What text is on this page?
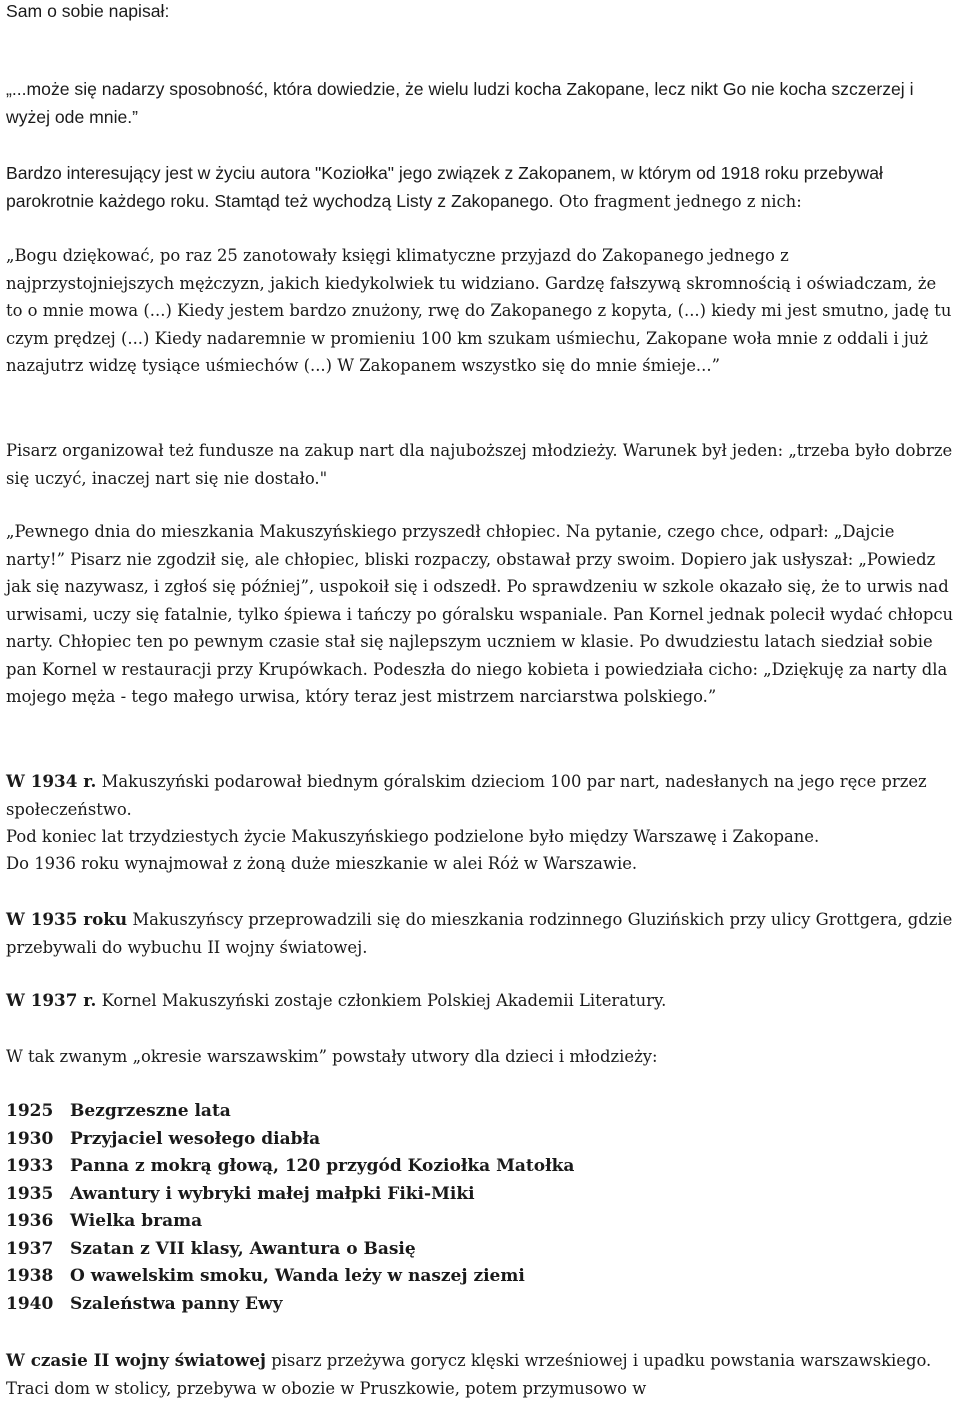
Sam o sobie napisał:

„...może się nadarzy sposobność, która dowiedzie, że wielu ludzi kocha Zakopane, lecz nikt Go nie kocha szczerzej i wyżej ode mnie.”

Bardzo interesujący jest w życiu autora "Koziołka" jego związek z Zakopanem, w którym od 1918 roku przebywał parokrotnie każdego roku. Stamtąd też wychodzą Listy z Zakopanego. Oto fragment jednego z nich:

„Bogu dziękować, po raz 25 zanotowały księgi klimatyczne przyjazd do Zakopanego jednego z najprzystojniejszych mężczyzn, jakich kiedykolwiek tu widziano. Gardzę fałszywą skromnością i oświadczam, że to o mnie mowa (...) Kiedy jestem bardzo znużony, rwę do Zakopanego z kopyta, (...) kiedy mi jest smutno, jadę tu czym prędzej (...) Kiedy nadaremnie w promieniu 100 km szukam uśmiechu, Zakopane woła mnie z oddali i już nazajutrz widzę tysiące uśmiechów (...) W Zakopanem wszystko się do mnie śmieje...”

Pisarz organizował też fundusze na zakup nart dla najuboższej młodzieży. Warunek był jeden: „trzeba było dobrze się uczyć, inaczej nart się nie dostało."

„Pewnego dnia do mieszkania Makuszyńskiego przyszedł chłopiec. Na pytanie, czego chce, odparł: „Dajcie narty!” Pisarz nie zgodził się, ale chłopiec, bliski rozpaczy, obstawał przy swoim. Dopiero jak usłyszał: „Powiedz jak się nazywasz, i zgłoś się później”, uspokoił się i odszedł. Po sprawdzeniu w szkole okazało się, że to urwis nad urwisami, uczy się fatalnie, tylko śpiewa i tańczy po góralsku wspaniale. Pan Kornel jednak polecił wydać chłopcu narty. Chłopiec ten po pewnym czasie stał się najlepszym uczniem w klasie. Po dwudziestu latach siedział sobie pan Kornel w restauracji przy Krupówkach. Podeszła do niego kobieta i powiedziała cicho: „Dziękuję za narty dla mojego męża - tego małego urwisa, który teraz jest mistrzem narciarstwa polskiego.”

W 1934 r. Makuszyński podarował biednym góralskim dzieciom 100 par nart, nadesłanych na jego ręce przez społeczeństwo.

Pod koniec lat trzydziestych życie Makuszyńskiego podzielone było między Warszawę i Zakopane.

Do 1936 roku wynajmował z żoną duże mieszkanie w alei Róż w Warszawie.

W 1935 roku Makuszyńscy przeprowadzili się do mieszkania rodzinnego Gluzińskich przy ulicy Grottgera, gdzie przebywali do wybuchu II wojny światowej.

W 1937 r. Kornel Makuszyński zostaje członkiem Polskiej Akademii Literatury.

W tak zwanym „okresie warszawskim” powstały utwory dla dzieci i młodzieży:

1925 Bezgrzeszne lata
1930 Przyjaciel wesołego diabła
1933 Panna z mokrą głową, 120 przygód Koziołka Matołka
1935 Awantury i wybryki małej małpki Fiki-Miki
1936 Wielka brama
1937 Szatan z VII klasy, Awantura o Basię
1938 O wawelskim smoku, Wanda leży w naszej ziemi
1940 Szaleństwa panny Ewy

W czasie II wojny światowej pisarz przeżywa gorycz klęski wrześniowej i upadku powstania warszawskiego. Traci dom w stolicy, przebywa w obozie w Pruszkowie, potem przymusowo w
